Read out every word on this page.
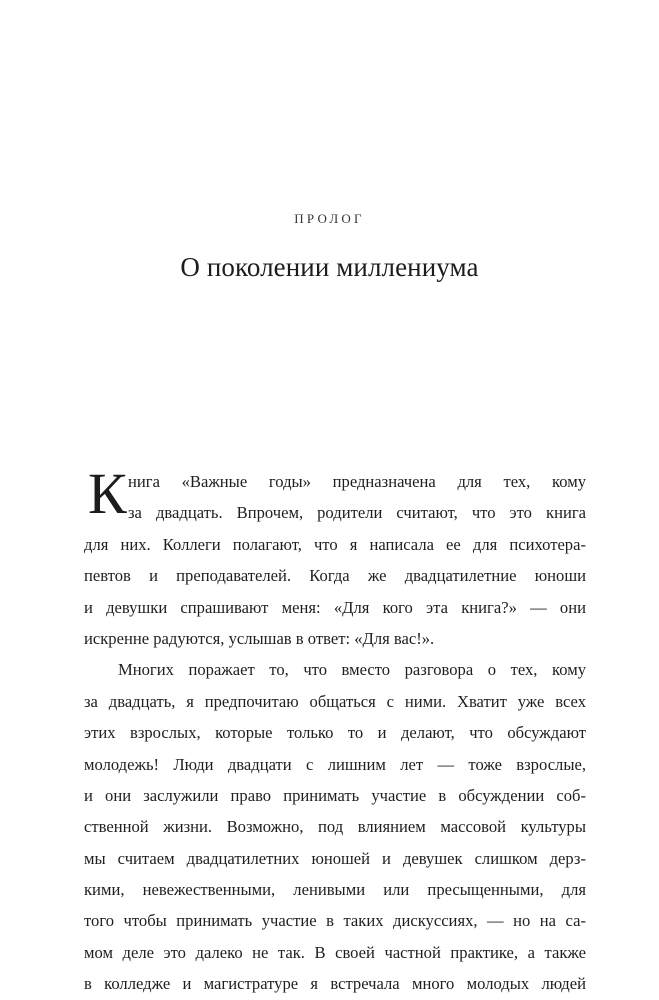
ПРОЛОГ
О поколении миллениума
К нига «Важные годы» предназначена для тех, кому
за двадцать. Впрочем, родители считают, что это книга
для них. Коллеги полагают, что я написала ее для психотера-
певтов и преподавателей. Когда же двадцатилетние юноши
и девушки спрашивают меня: «Для кого эта книга?» — они
искренне радуются, услышав в ответ: «Для вас!».
Многих поражает то, что вместо разговора о тех, кому
за двадцать, я предпочитаю общаться с ними. Хватит уже всех
этих взрослых, которые только то и делают, что обсуждают
молодежь! Люди двадцати с лишним лет — тоже взрослые,
и они заслужили право принимать участие в обсуждении соб-
ственной жизни. Возможно, под влиянием массовой культуры
мы считаем двадцатилетних юношей и девушек слишком дерз-
кими, невежественными, ленивыми или пресыщенными, для
того чтобы принимать участие в таких дискуссиях, — но на са-
мом деле это далеко не так. В своей частной практике, а также
в колледже и магистратуре я встречала много молодых людей
